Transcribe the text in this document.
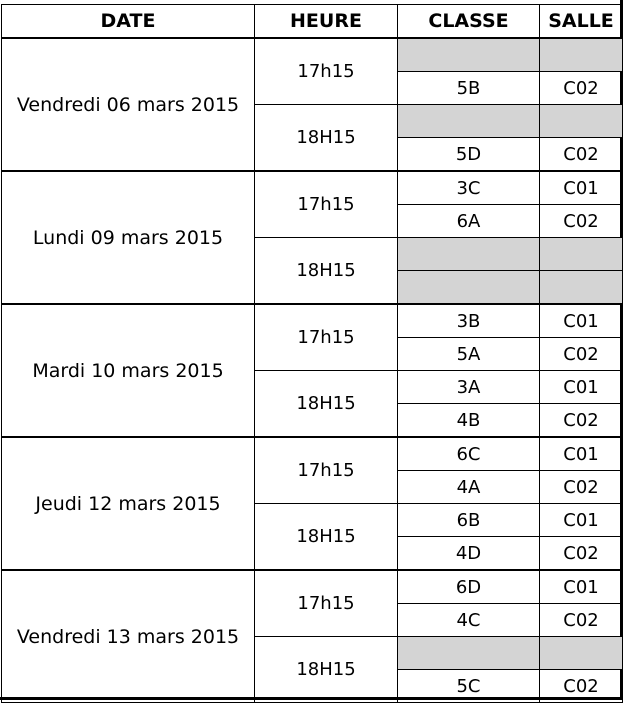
DATE	HEURE	CLASSE	SALLE
Vendredi 06 mars 2015	17h15		
		5B	C02
	18H15		
		5D	C02
Lundi 09 mars 2015	17h15	3C	C01
		6A	C02
	18H15		

Mardi 10 mars 2015	17h15	3B	C01
		5A	C02
	18H15	3A	C01
		4B	C02
Jeudi 12 mars 2015	17h15	6C	C01
		4A	C02
	18H15	6B	C01
		4D	C02
Vendredi 13 mars 2015	17h15	6D	C01
		4C	C02
	18H15		
		5C	C02
